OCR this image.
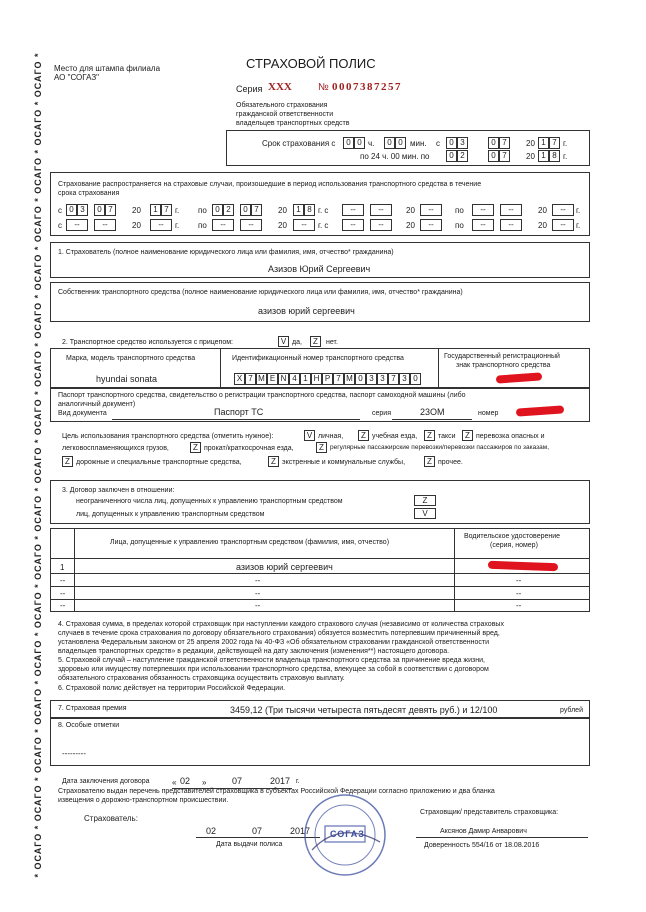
* ОСАГО * ОСАГО * ОСАГО * ОСАГО * ОСАГО * ОСАГО * ОСАГО * ОСАГО * ОСАГО * ОСАГО * ОСАГО * ОСАГО * ОСАГО * ОСАГО * ОСАГО * ОСАГО * ОСАГО * Место для штампа филиала
АО "СОГАЗ"
СТРАХОВОЙ ПОЛИС
Серия XXX	№ 0007387257
Обязательного страхования
гражданской ответственности
владельцев транспортных средств
Срок страхования с	0 0 ч.	0 0 мин. с	0 3	0 7	20 1 7 г.
по 24 ч. 00 мин. по	0 2	0 7	20 1 8 г.
Страхование распространяется на страховые случаи, произошедшие в период использования транспортного средства в течение
срока страхования
с 0 3	0 7	20	1 7 г. по	0 2	0 7	20	1 8 г. с	--	--	20	--	по	--	--	20	--	г.
с	--	--	20	--	г. по	--	--	20	--	г. с	--	--	20	--	по	--	--	20	--	г.
1. Страхователь (полное наименование юридического лица или фамилия, имя, отчество* гражданина)
Азизов Юрий Сергеевич
Собственник транспортного средства (полное наименование юридического лица или фамилия, имя, отчество* гражданина)
азизов юрий сергеевич
2. Транспортное средство используется с прицепом:	V да,	Z	нет.
Марка, модель транспортного средства	Идентификационный номер транспортного средства	Государственный регистрационный
знак транспортного средства
hyundai sonata	X 7 M E N 4 1 H P 7 M 0 3 3 7 3 0
Паспорт транспортного средства, свидетельство о регистрации транспортного средства, паспорт самоходной машины (либо
аналогичный документ)
Вид документа	Паспорт ТС	серия	23ОМ	номер
Цель использования транспортного средства (отметить нужное):	V личная,	Z учебная езда,	Z такси	Z перевозка опасных и
легковоспламеняющихся грузов,	Z прокат/краткосрочная езда,	Z регулярные пассажирские перевозки/перевозки пассажиров по заказам,
Z дорожные и специальные транспортные средства,	Z экстренные и коммунальные службы,	Z прочее.
3. Договор заключен в отношении:
неограниченного числа лиц, допущенных к управлению транспортным средством	Z
лиц, допущенных к управлению транспортным средством	V
Лица, допущенные к управлению транспортным средством (фамилия, имя, отчество)
Водительское удостоверение
(серия, номер)
1	азизов юрий сергеевич
--	--	--
--	--	--
--	--	--
4. Страховая сумма, в пределах которой страховщик при наступлении каждого страхового случая (независимо от количества страховых
случаев в течение срока страхования по договору обязательного страхования) обязуется возместить потерпевшим причиненный вред,
установлена Федеральным законом от 25 апреля 2002 года № 40-ФЗ «Об обязательном страховании гражданской ответственности
владельцев транспортных средств» в редакции, действующей на дату заключения (изменения**) настоящего договора.
5. Страховой случай – наступление гражданской ответственности владельца транспортного средства за причинение вреда жизни,
здоровью или имуществу потерпевших при использовании транспортного средства, влекущее за собой в соответствии с договором
обязательного страхования обязанность страховщика осуществить страховую выплату.
6. Страховой полис действует на территории Российской Федерации.
7. Страховая премия	3459,12 (Три тысячи четыреста пятьдесят девять руб.) и 12/100	рублей
8. Особые отметки
---------
Дата заключения договора	« 02 »	07	2017 г.
Страхователю выдан перечень представителей страховщика в субъектах Российской Федерации согласно приложению и два бланка
извещения о дорожно-транспортном происшествии.
Страхователь:
Страховщик/ представитель страховщика:
02	07	2017
Дата выдачи полиса
СОГАЗ	Аксянов Дамир Анварович
Доверенность 554/16 от 18.08.2016
